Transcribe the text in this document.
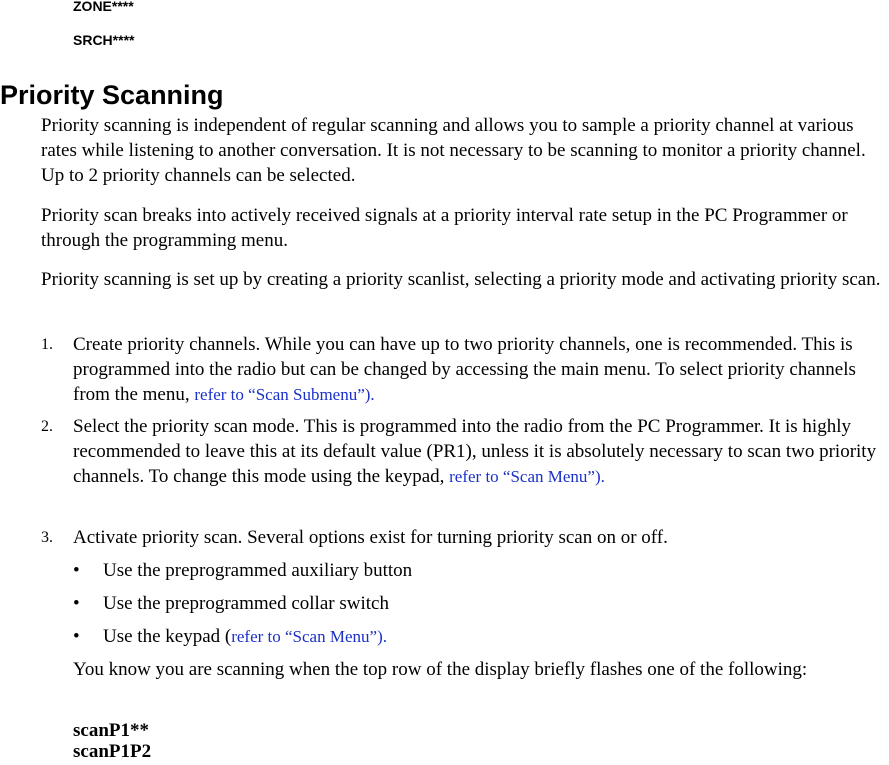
ZONE****
SRCH****
Priority Scanning

Priority scanning is independent of regular scanning and allows you to sample a priority channel at various rates while listening to another conversation. It is not necessary to be scanning to monitor a priority channel. Up to 2 priority channels can be selected.

Priority scan breaks into actively received signals at a priority interval rate setup in the PC Programmer or through the programming menu.

Priority scanning is set up by creating a priority scanlist, selecting a priority mode and activating priority scan.

1.	Create priority channels. While you can have up to two priority channels, one is recommended. This is programmed into the radio but can be changed by accessing the main menu. To select priority channels from the menu, refer to “Scan Submenu”).
2.	Select the priority scan mode. This is programmed into the radio from the PC Programmer. It is highly recommended to leave this at its default value (PR1), unless it is absolutely necessary to scan two priority channels. To change this mode using the keypad, refer to “Scan Menu”).
3.	Activate priority scan. Several options exist for turning priority scan on or off.
• Use the preprogrammed auxiliary button
• Use the preprogrammed collar switch
• Use the keypad (refer to “Scan Menu”).

You know you are scanning when the top row of the display briefly flashes one of the following:

scanP1**
scanP1P2
